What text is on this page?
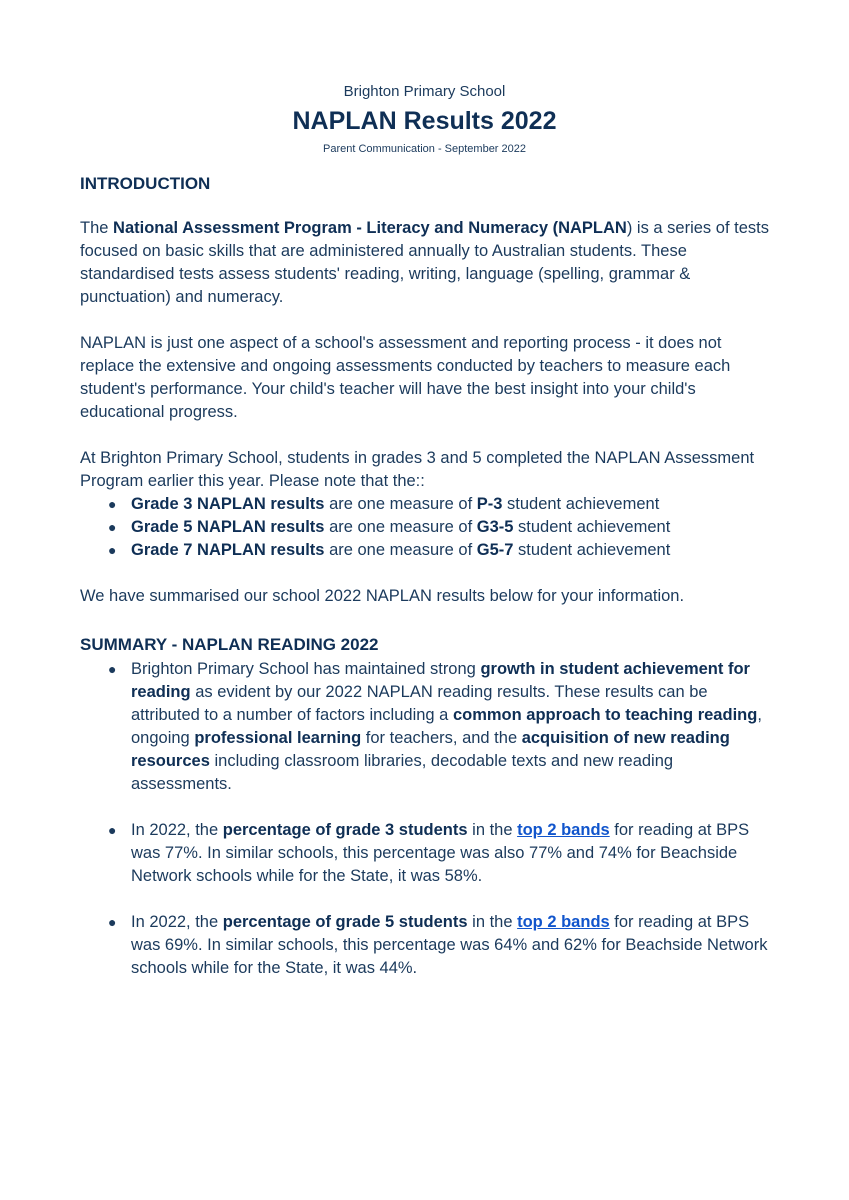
Brighton Primary School
NAPLAN Results 2022
Parent Communication - September 2022
INTRODUCTION

The National Assessment Program - Literacy and Numeracy (NAPLAN) is a series of tests focused on basic skills that are administered annually to Australian students. These standardised tests assess students' reading, writing, language (spelling, grammar & punctuation) and numeracy.

NAPLAN is just one aspect of a school's assessment and reporting process - it does not replace the extensive and ongoing assessments conducted by teachers to measure each student's performance. Your child's teacher will have the best insight into your child's educational progress.

At Brighton Primary School, students in grades 3 and 5 completed the NAPLAN Assessment Program earlier this year. Please note that the::

● Grade 3 NAPLAN results are one measure of P-3 student achievement
● Grade 5 NAPLAN results are one measure of G3-5 student achievement
● Grade 7 NAPLAN results are one measure of G5-7 student achievement

We have summarised our school 2022 NAPLAN results below for your information.

SUMMARY - NAPLAN READING 2022
● Brighton Primary School has maintained strong growth in student achievement for reading as evident by our 2022 NAPLAN reading results. These results can be attributed to a number of factors including a common approach to teaching reading, ongoing professional learning for teachers, and the acquisition of new reading resources including classroom libraries, decodable texts and new reading assessments.
● In 2022, the percentage of grade 3 students in the top 2 bands for reading at BPS was 77%. In similar schools, this percentage was also 77% and 74% for Beachside Network schools while for the State, it was 58%.
● In 2022, the percentage of grade 5 students in the top 2 bands for reading at BPS was 69%. In similar schools, this percentage was 64% and 62% for Beachside Network schools while for the State, it was 44%.
